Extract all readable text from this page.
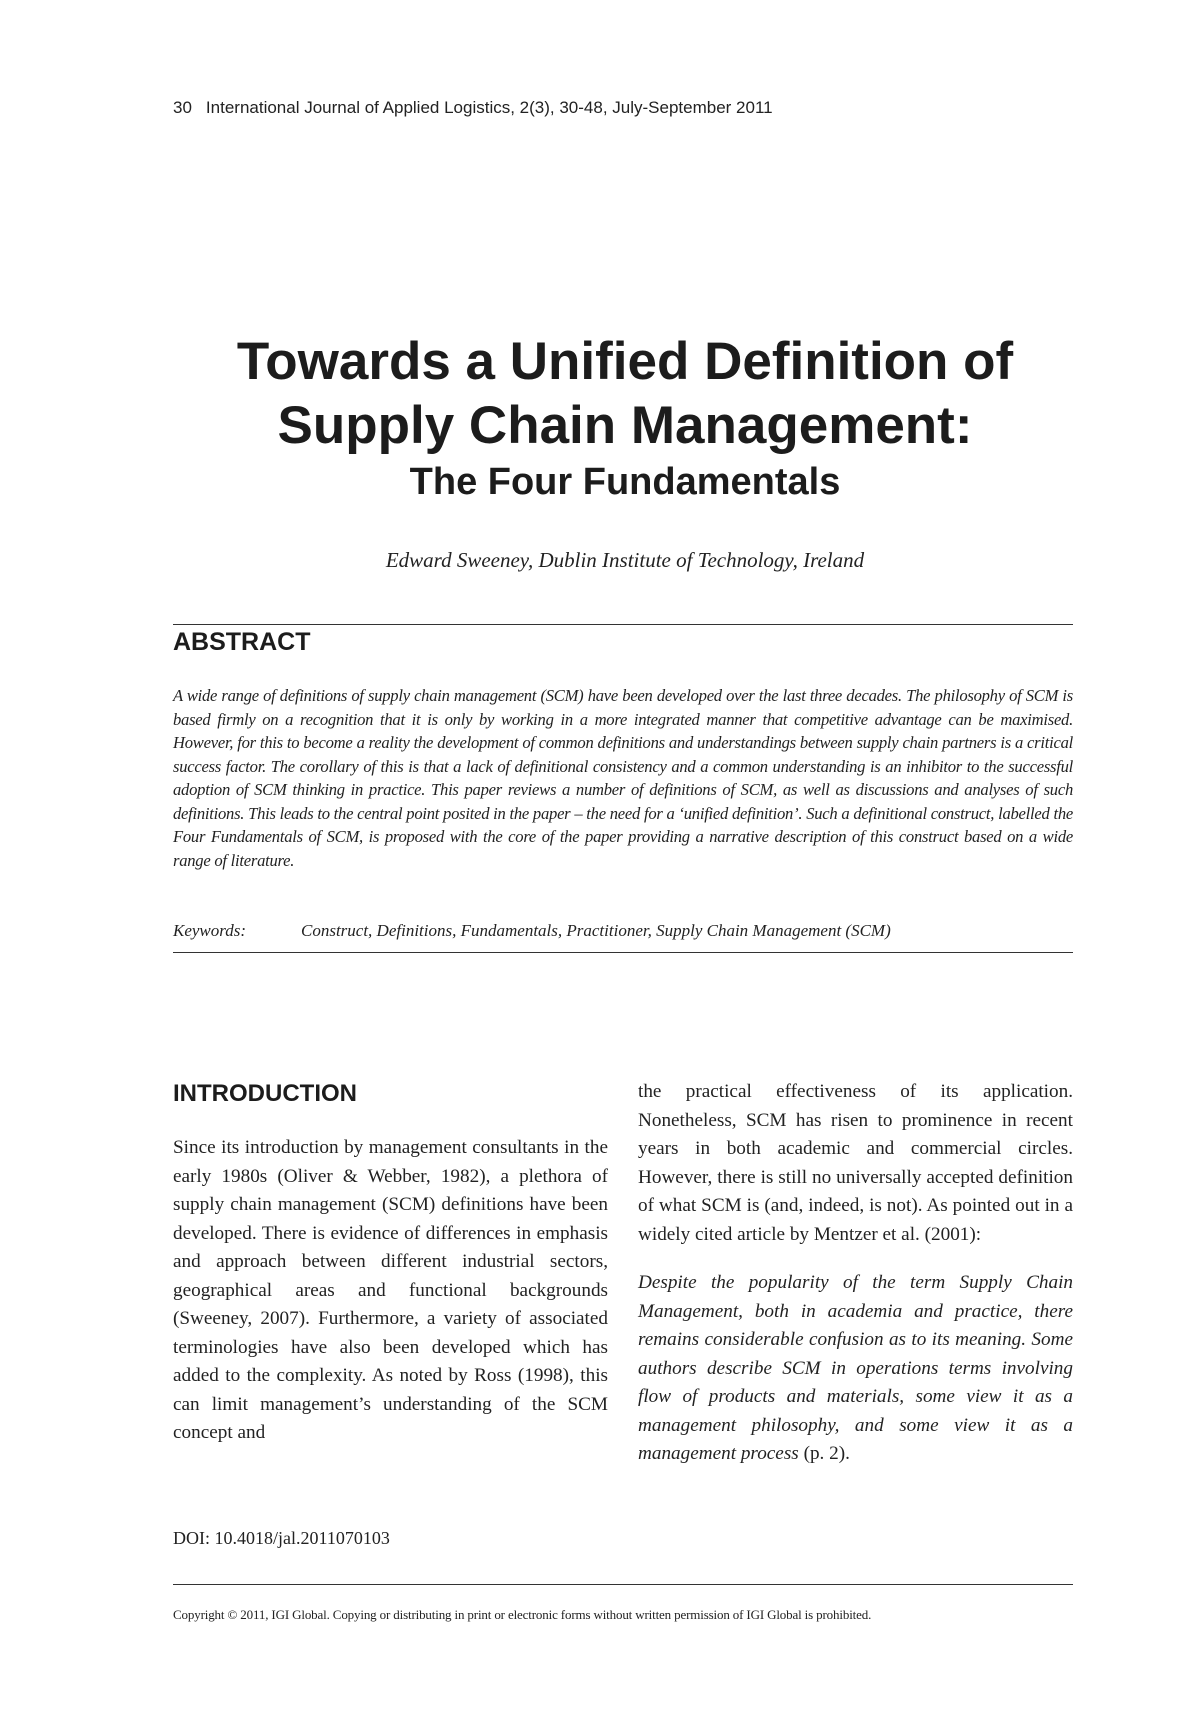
30 International Journal of Applied Logistics, 2(3), 30-48, July-September 2011
Towards a Unified Definition of
Supply Chain Management:
The Four Fundamentals
Edward Sweeney, Dublin Institute of Technology, Ireland
ABSTRACT

A wide range of definitions of supply chain management (SCM) have been developed over the last three decades. The philosophy of SCM is based firmly on a recognition that it is only by working in a more integrated manner that competitive advantage can be maximised. However, for this to become a reality the development of common definitions and understandings between supply chain partners is a critical success factor. The corollary of this is that a lack of definitional consistency and a common understanding is an inhibitor to the successful adoption of SCM thinking in practice. This paper reviews a number of definitions of SCM, as well as discussions and analyses of such definitions. This leads to the central point posited in the paper – the need for a ‘unified definition’. Such a definitional construct, labelled the Four Fundamentals of SCM, is proposed with the core of the paper providing a narrative description of this construct based on a wide range of literature.

Keywords:	Construct, Definitions, Fundamentals, Practitioner, Supply Chain Management (SCM)
INTRODUCTION

Since its introduction by management consultants in the early 1980s (Oliver & Webber, 1982), a plethora of supply chain management (SCM) definitions have been developed. There is evidence of differences in emphasis and approach between different industrial sectors, geographical areas and functional backgrounds (Sweeney, 2007). Furthermore, a variety of associated terminologies have also been developed which has added to the complexity. As noted by Ross (1998), this can limit management’s understanding of the SCM concept and

the practical effectiveness of its application. Nonetheless, SCM has risen to prominence in recent years in both academic and commercial circles. However, there is still no universally accepted definition of what SCM is (and, indeed, is not). As pointed out in a widely cited article by Mentzer et al. (2001):

Despite the popularity of the term Supply Chain Management, both in academia and practice, there remains considerable confusion as to its meaning. Some authors describe SCM in operations terms involving flow of products and materials, some view it as a management philosophy, and some view it as a management process (p. 2).

DOI: 10.4018/jal.2011070103
Copyright © 2011, IGI Global. Copying or distributing in print or electronic forms without written permission of IGI Global is prohibited.
